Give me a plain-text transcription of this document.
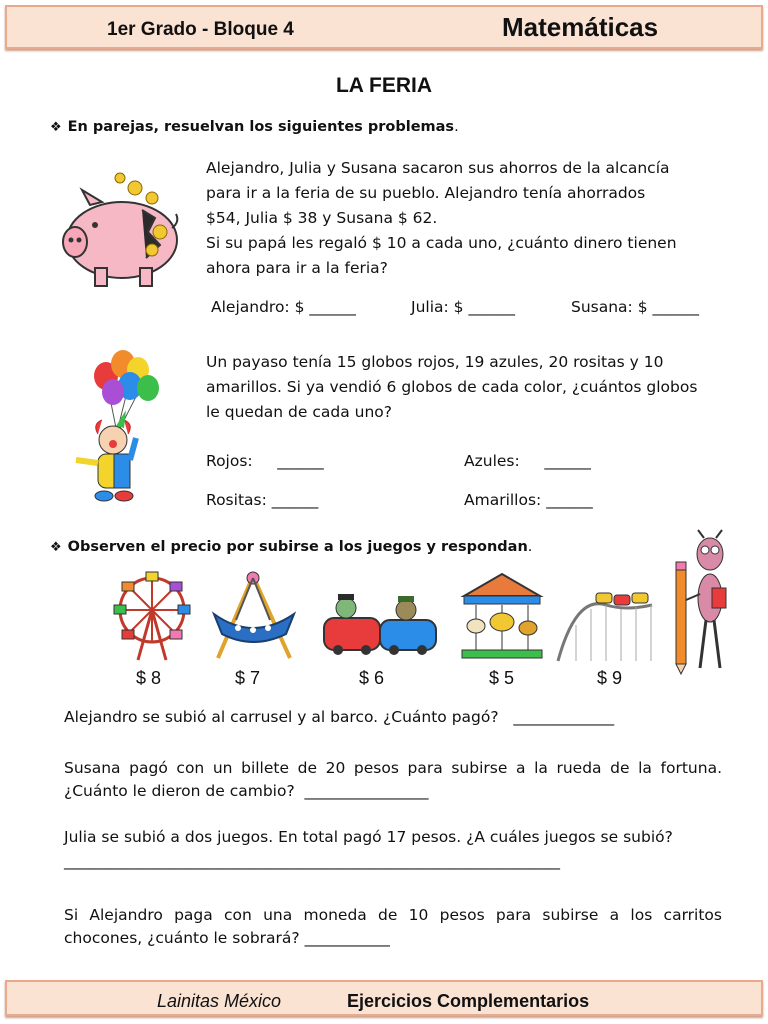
1er Grado - Bloque 4	Matemáticas
LA FERIA
❖ En parejas, resuelvan los siguientes problemas.
Alejandro, Julia y Susana sacaron sus ahorros de la alcancía
para ir a la feria de su pueblo. Alejandro tenía ahorrados
$54, Julia $ 38 y Susana $ 62.
Si su papá les regaló $ 10 a cada uno, ¿cuánto dinero tienen
ahora para ir a la feria?
Alejandro: $ ______	Julia: $ ______	Susana: $ ______
Un payaso tenía 15 globos rojos, 19 azules, 20 rositas y 10
amarillos. Si ya vendió 6 globos de cada color, ¿cuántos globos
le quedan de cada uno?
Rojos:     ______	Azules:     ______
Rositas: ______	Amarillos: ______
❖ Observen el precio por subirse a los juegos y respondan.
$ 8	$ 7	$ 6	$ 5	$ 9
Alejandro se subió al carrusel y al barco. ¿Cuánto pagó?   _____________
Susana pagó con un billete de 20 pesos para subirse a la rueda de la fortuna.
¿Cuánto le dieron de cambio?  ________________
Julia se subió a dos juegos. En total pagó 17 pesos. ¿A cuáles juegos se subió?
________________________________________________________________
Si Alejandro paga con una moneda de 10 pesos para subirse a los carritos
chocones, ¿cuánto le sobrará? ___________
Lainitas México	Ejercicios Complementarios
